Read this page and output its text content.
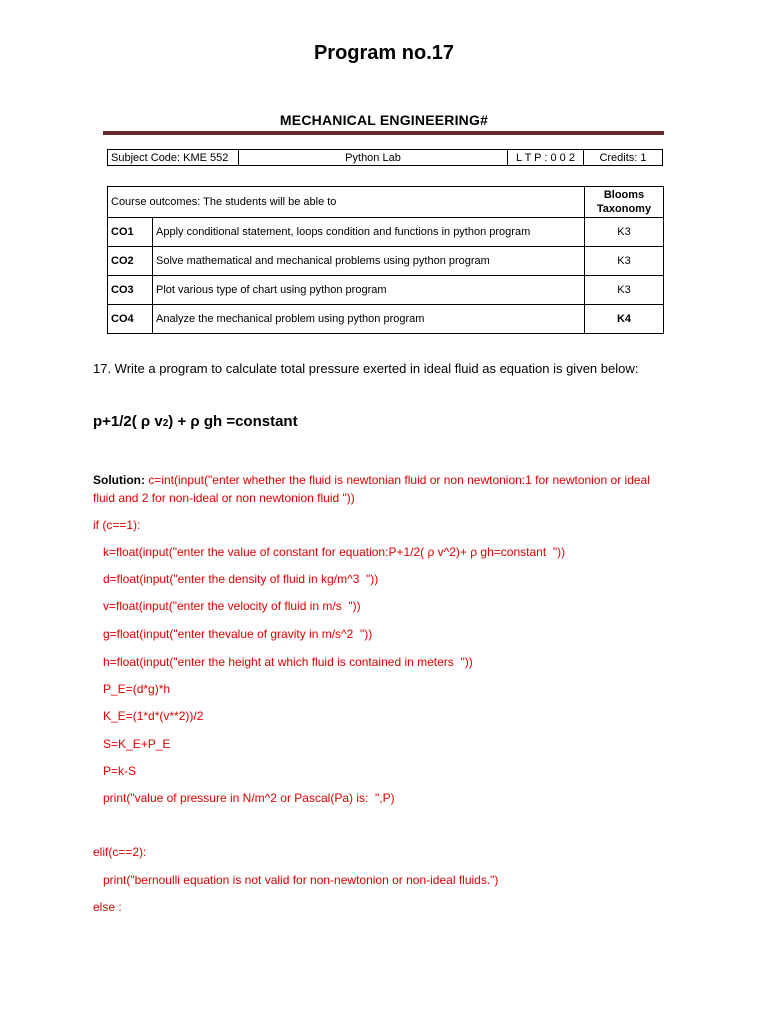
Program no.17
MECHANICAL ENGINEERING#
Subject Code: KME 552	Python Lab	L T P : 0 0 2	Credits: 1
Course outcomes: The students will be able to		Blooms
Taxonomy
CO1	Apply conditional statement, loops condition and functions in python program	K3
CO2	Solve mathematical and mechanical problems using python program	K3
CO3	Plot various type of chart using python program	K3
CO4	Analyze the mechanical problem using python program	K4
17. Write a program to calculate total pressure exerted in ideal fluid as equation is given below:
p+1/2( ρ v2) + ρ gh =constant
Solution: c=int(input("enter whether the fluid is newtonian fluid or non newtonion:1 for newtonion or ideal fluid and 2 for non-ideal or non newtonion fluid "))
if (c==1):
k=float(input("enter the value of constant for equation:P+1/2( ρ v^2)+ ρ gh=constant  "))
d=float(input("enter the density of fluid in kg/m^3  "))
v=float(input("enter the velocity of fluid in m/s  "))
g=float(input("enter thevalue of gravity in m/s^2  "))
h=float(input("enter the height at which fluid is contained in meters  "))
P_E=(d*g)*h
K_E=(1*d*(v**2))/2
S=K_E+P_E
P=k-S
print("value of pressure in N/m^2 or Pascal(Pa) is:  ",P)
elif(c==2):
print("bernoulli equation is not valid for non-newtonion or non-ideal fluids.")
else :
